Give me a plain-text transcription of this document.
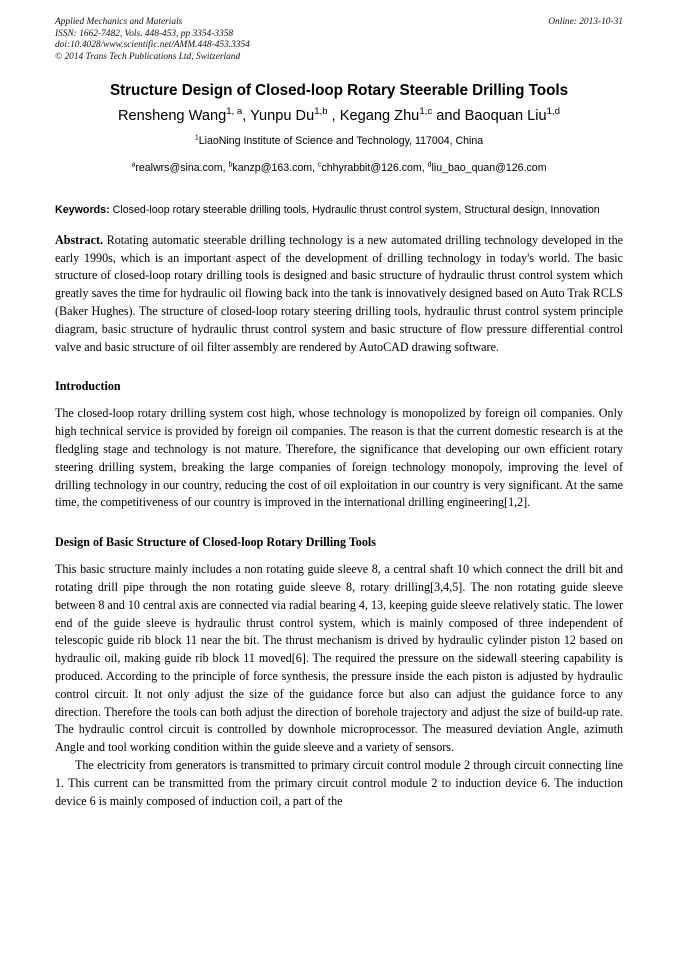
Applied Mechanics and Materials
ISSN: 1662-7482, Vols. 448-453, pp 3354-3358
doi:10.4028/www.scientific.net/AMM.448-453.3354
© 2014 Trans Tech Publications Ltd, Switzerland
Online: 2013-10-31
Structure Design of Closed-loop Rotary Steerable Drilling Tools
Rensheng Wang$^{1, a}$, Yunpu Du$^{1,b}$ , Kegang Zhu$^{1,c}$ and Baoquan Liu$^{1,d}$
$^1$LiaoNing Institute of Science and Technology, 117004, China
$^a$realwrs@sina.com, $^b$kanzp@163.com, $^c$chhyrabbit@126.com, $^d$liu_bao_quan@126.com
Keywords: Closed-loop rotary steerable drilling tools, Hydraulic thrust control system, Structural design, Innovation
Abstract. Rotating automatic steerable drilling technology is a new automated drilling technology developed in the early 1990s, which is an important aspect of the development of drilling technology in today's world. The basic structure of closed-loop rotary drilling tools is designed and basic structure of hydraulic thrust control system which greatly saves the time for hydraulic oil flowing back into the tank is innovatively designed based on Auto Trak RCLS (Baker Hughes). The structure of closed-loop rotary steering drilling tools, hydraulic thrust control system principle diagram, basic structure of hydraulic thrust control system and basic structure of flow pressure differential control valve and basic structure of oil filter assembly are rendered by AutoCAD drawing software.
Introduction

The closed-loop rotary drilling system cost high, whose technology is monopolized by foreign oil companies. Only high technical service is provided by foreign oil companies. The reason is that the current domestic research is at the fledgling stage and technology is not mature. Therefore, the significance that developing our own efficient rotary steering drilling system, breaking the large companies of foreign technology monopoly, improving the level of drilling technology in our country, reducing the cost of oil exploitation in our country is very significant. At the same time, the competitiveness of our country is improved in the international drilling engineering[1,2].

Design of Basic Structure of Closed-loop Rotary Drilling Tools

This basic structure mainly includes a non rotating guide sleeve 8, a central shaft 10 which connect the drill bit and rotating drill pipe through the non rotating guide sleeve 8, rotary drilling[3,4,5]. The non rotating guide sleeve between 8 and 10 central axis are connected via radial bearing 4, 13, keeping guide sleeve relatively static. The lower end of the guide sleeve is hydraulic thrust control system, which is mainly composed of three independent of telescopic guide rib block 11 near the bit. The thrust mechanism is drived by hydraulic cylinder piston 12 based on hydraulic oil, making guide rib block 11 moved[6]. The required the pressure on the sidewall steering capability is produced. According to the principle of force synthesis, the pressure inside the each piston is adjusted by hydraulic control circuit. It not only adjust the size of the guidance force but also can adjust the guidance force to any direction. Therefore the tools can both adjust the direction of borehole trajectory and adjust the size of build-up rate. The hydraulic control circuit is controlled by downhole microprocessor. The measured deviation Angle, azimuth Angle and tool working condition within the guide sleeve and a variety of sensors.

The electricity from generators is transmitted to primary circuit control module 2 through circuit connecting line 1. This current can be transmitted from the primary circuit control module 2 to induction device 6. The induction device 6 is mainly composed of induction coil, a part of the
